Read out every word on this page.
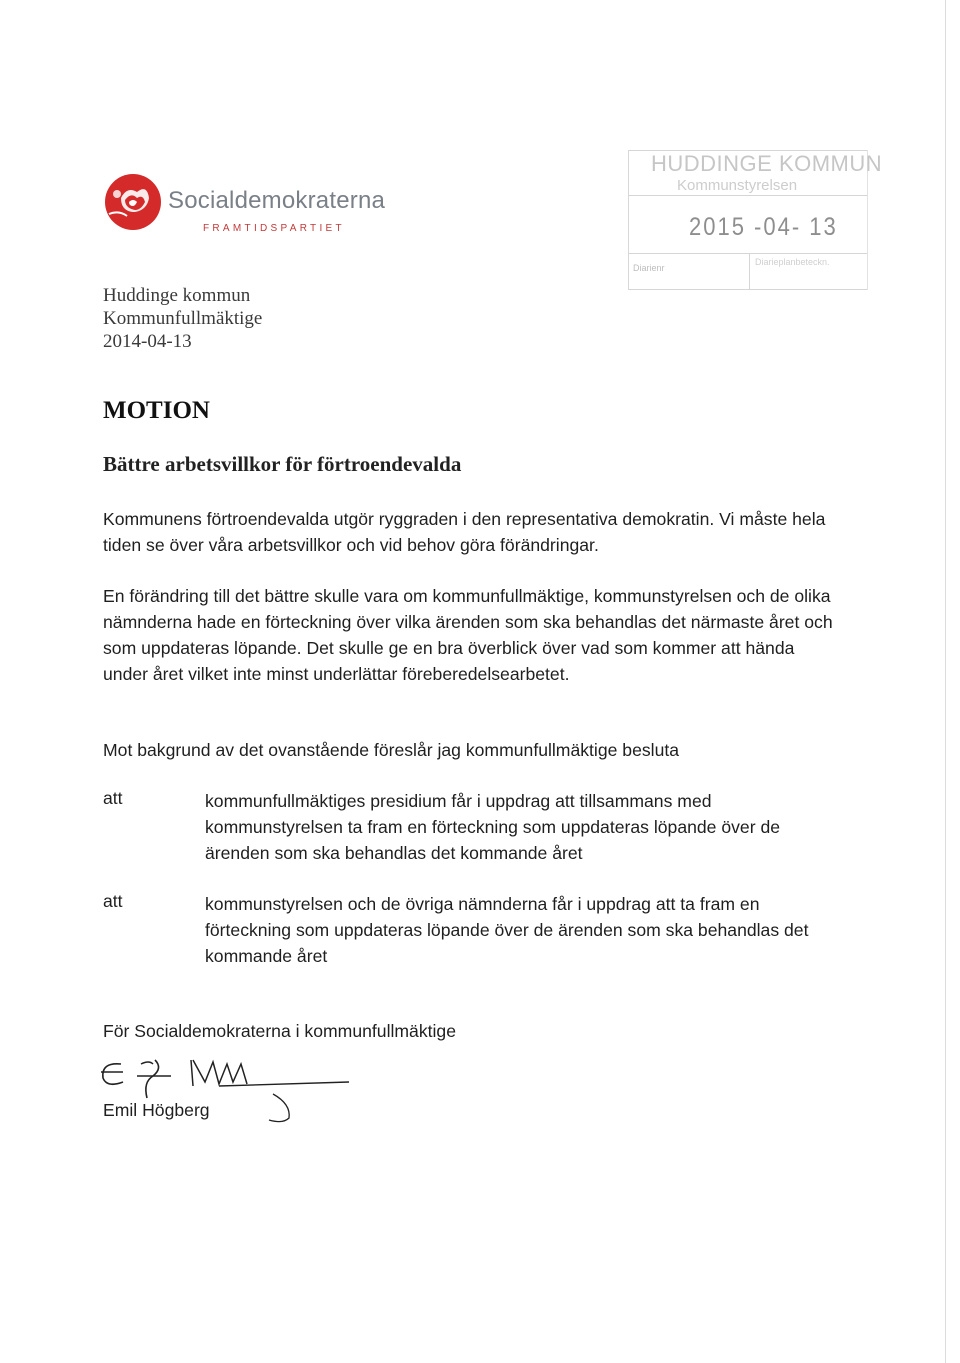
Socialdemokraterna
FRAMTIDSPARTIET
HUDDINGE KOMMUN
Kommunstyrelsen
2015 -04- 13
Diarienr
Diarieplanbeteckn.
Huddinge kommun
Kommunfullmäktige
2014-04-13
MOTION
Bättre arbetsvillkor för förtroendevalda
Kommunens förtroendevalda utgör ryggraden i den representativa demokratin. Vi måste hela tiden se över våra arbetsvillkor och vid behov göra förändringar.
En förändring till det bättre skulle vara om kommunfullmäktige, kommunstyrelsen och de olika nämnderna hade en förteckning över vilka ärenden som ska behandlas det närmaste året och som uppdateras löpande. Det skulle ge en bra överblick över vad som kommer att hända under året vilket inte minst underlättar föreberedelsearbetet.
Mot bakgrund av det ovanstående föreslår jag kommunfullmäktige besluta
att	kommunfullmäktiges presidium får i uppdrag att tillsammans med kommunstyrelsen ta fram en förteckning som uppdateras löpande över de ärenden som ska behandlas det kommande året
att	kommunstyrelsen och de övriga nämnderna får i uppdrag att ta fram en förteckning som uppdateras löpande över de ärenden som ska behandlas det kommande året
För Socialdemokraterna i kommunfullmäktige
Emil Högberg
